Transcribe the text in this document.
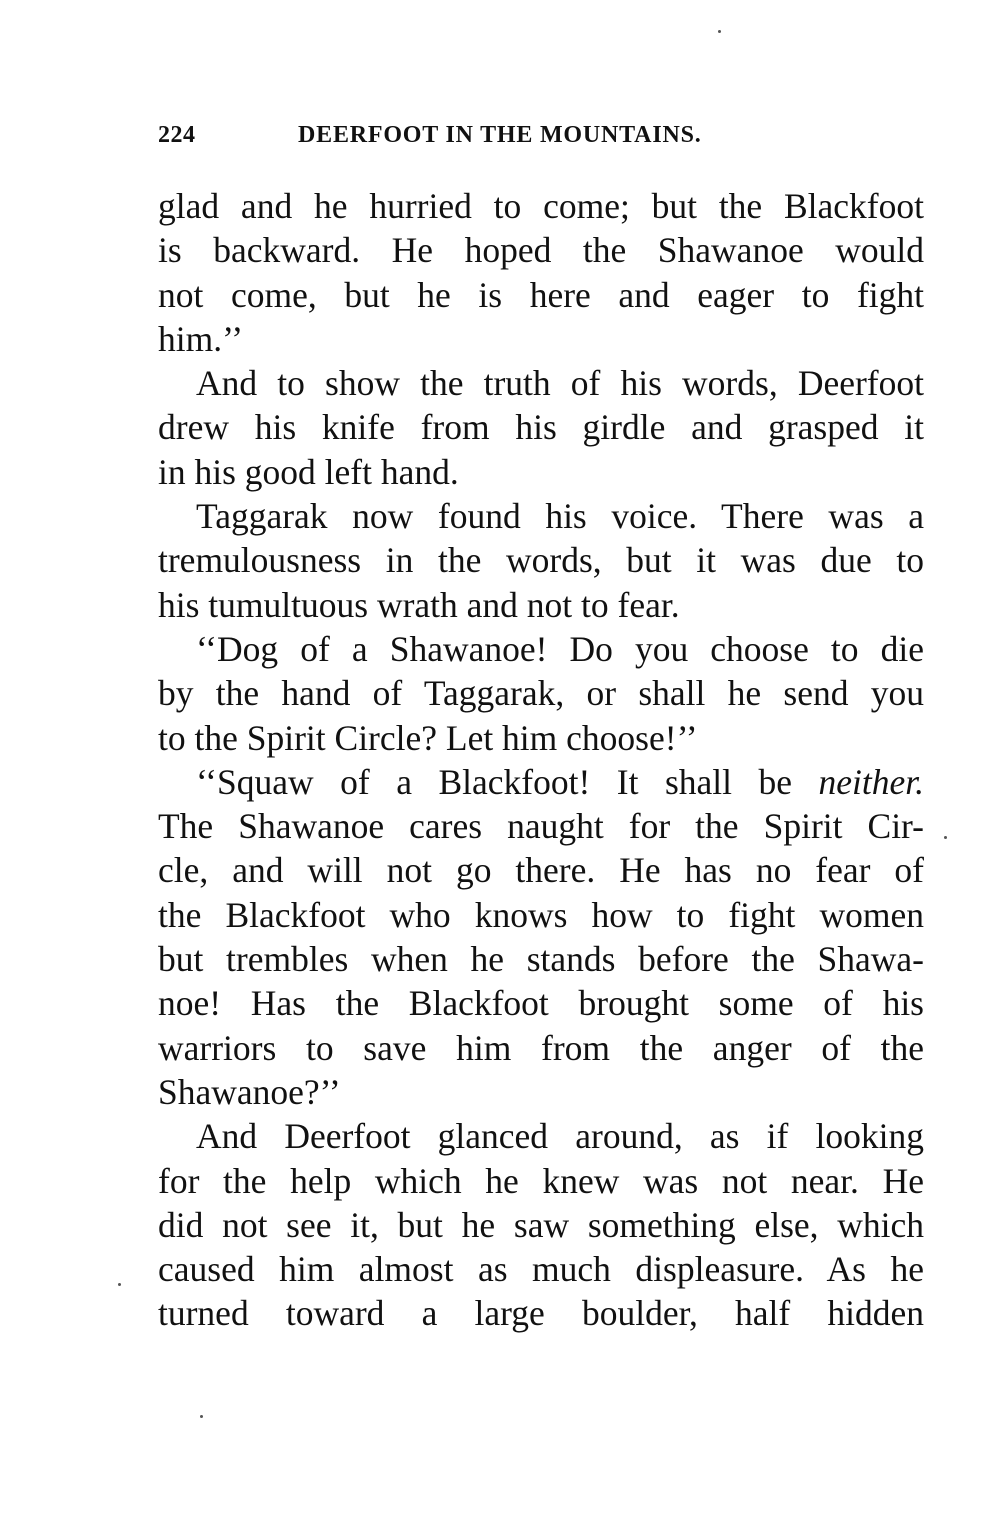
224	DEERFOOT IN THE MOUNTAINS.
glad and he hurried to come; but the Blackfoot
is backward. He hoped the Shawanoe would
not come, but he is here and eager to fight
him.’’
And to show the truth of his words, Deerfoot
drew his knife from his girdle and grasped it
in his good left hand.
Taggarak now found his voice. There was a
tremulousness in the words, but it was due to
his tumultuous wrath and not to fear.
‘‘Dog of a Shawanoe! Do you choose to die
by the hand of Taggarak, or shall he send you
to the Spirit Circle? Let him choose!’’
‘‘Squaw of a Blackfoot! It shall be neither.
The Shawanoe cares naught for the Spirit Cir-
cle, and will not go there. He has no fear of
the Blackfoot who knows how to fight women
but trembles when he stands before the Shawa-
noe! Has the Blackfoot brought some of his
warriors to save him from the anger of the
Shawanoe?’’
And Deerfoot glanced around, as if looking
for the help which he knew was not near. He
did not see it, but he saw something else, which
caused him almost as much displeasure. As he
turned toward a large boulder, half hidden
